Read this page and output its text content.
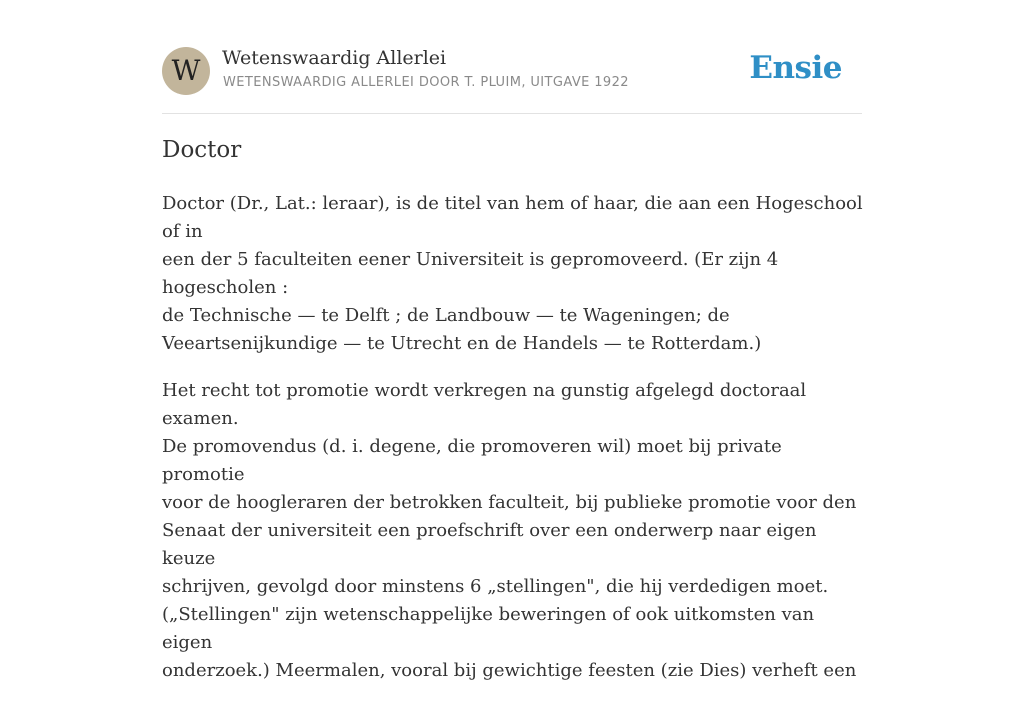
W	Wetenswaardig Allerlei
WETENSWAARDIG ALLERLEI DOOR T. PLUIM, UITGAVE 1922	Ensie
Doctor

Doctor (Dr., Lat.: leraar), is de titel van hem of haar, die aan een Hogeschool of in
een der 5 faculteiten eener Universiteit is gepromoveerd. (Er zijn 4 hogescholen :
de Technische — te Delft ; de Landbouw — te Wageningen; de
Veeartsenijkundige — te Utrecht en de Handels — te Rotterdam.)

Het recht tot promotie wordt verkregen na gunstig afgelegd doctoraal examen.
De promovendus (d. i. degene, die promoveren wil) moet bij private promotie
voor de hoogleraren der betrokken faculteit, bij publieke promotie voor den
Senaat der universiteit een proefschrift over een onderwerp naar eigen keuze
schrijven, gevolgd door minstens 6 „stellingen", die hij verdedigen moet.
(„Stellingen" zijn wetenschappelijke beweringen of ook uitkomsten van eigen
onderzoek.) Meermalen, vooral bij gewichtige feesten (zie Dies) verheft een
